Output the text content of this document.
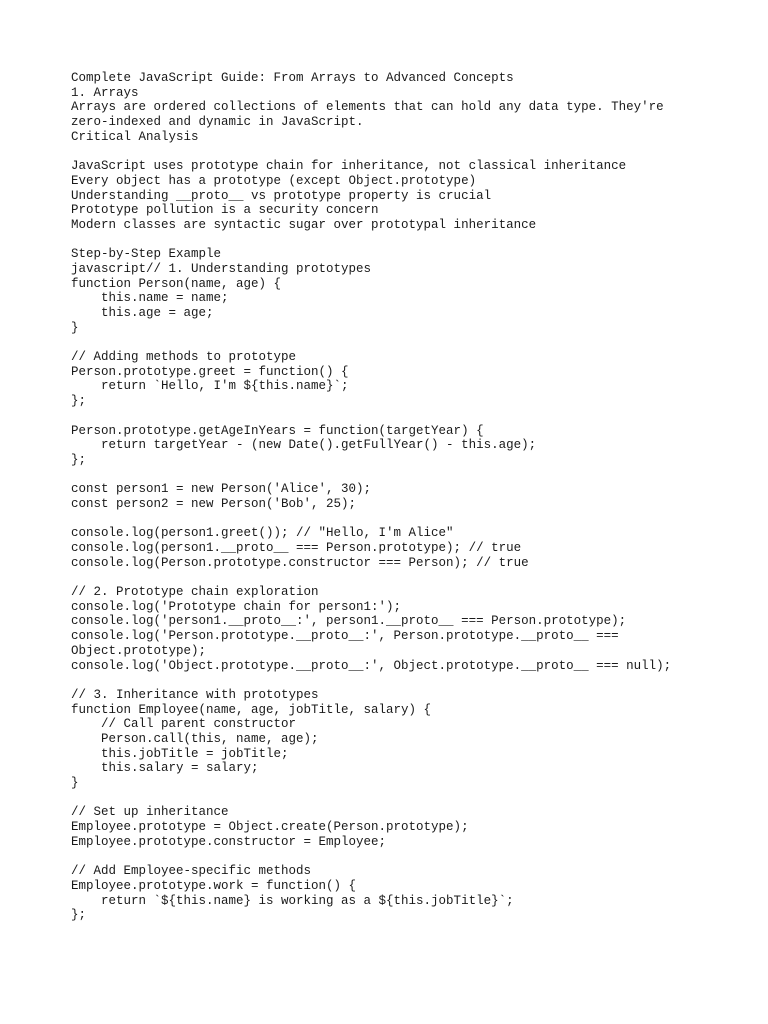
Complete JavaScript Guide: From Arrays to Advanced Concepts
1. Arrays
Arrays are ordered collections of elements that can hold any data type. They're
zero-indexed and dynamic in JavaScript.
Critical Analysis
JavaScript uses prototype chain for inheritance, not classical inheritance
Every object has a prototype (except Object.prototype)
Understanding __proto__ vs prototype property is crucial
Prototype pollution is a security concern
Modern classes are syntactic sugar over prototypal inheritance
Step-by-Step Example
javascript// 1. Understanding prototypes
function Person(name, age) {
this.name = name;
this.age = age;
}
// Adding methods to prototype
Person.prototype.greet = function() {
return `Hello, I'm ${this.name}`;
};
Person.prototype.getAgeInYears = function(targetYear) {
return targetYear - (new Date().getFullYear() - this.age);
};
const person1 = new Person('Alice', 30);
const person2 = new Person('Bob', 25);
console.log(person1.greet()); // "Hello, I'm Alice"
console.log(person1.__proto__ === Person.prototype); // true
console.log(Person.prototype.constructor === Person); // true
// 2. Prototype chain exploration
console.log('Prototype chain for person1:');
console.log('person1.__proto__:', person1.__proto__ === Person.prototype);
console.log('Person.prototype.__proto__:', Person.prototype.__proto__ ===
Object.prototype);
console.log('Object.prototype.__proto__:', Object.prototype.__proto__ === null);
// 3. Inheritance with prototypes
function Employee(name, age, jobTitle, salary) {
// Call parent constructor
Person.call(this, name, age);
this.jobTitle = jobTitle;
this.salary = salary;
}
// Set up inheritance
Employee.prototype = Object.create(Person.prototype);
Employee.prototype.constructor = Employee;
// Add Employee-specific methods
Employee.prototype.work = function() {
return `${this.name} is working as a ${this.jobTitle}`;
};
